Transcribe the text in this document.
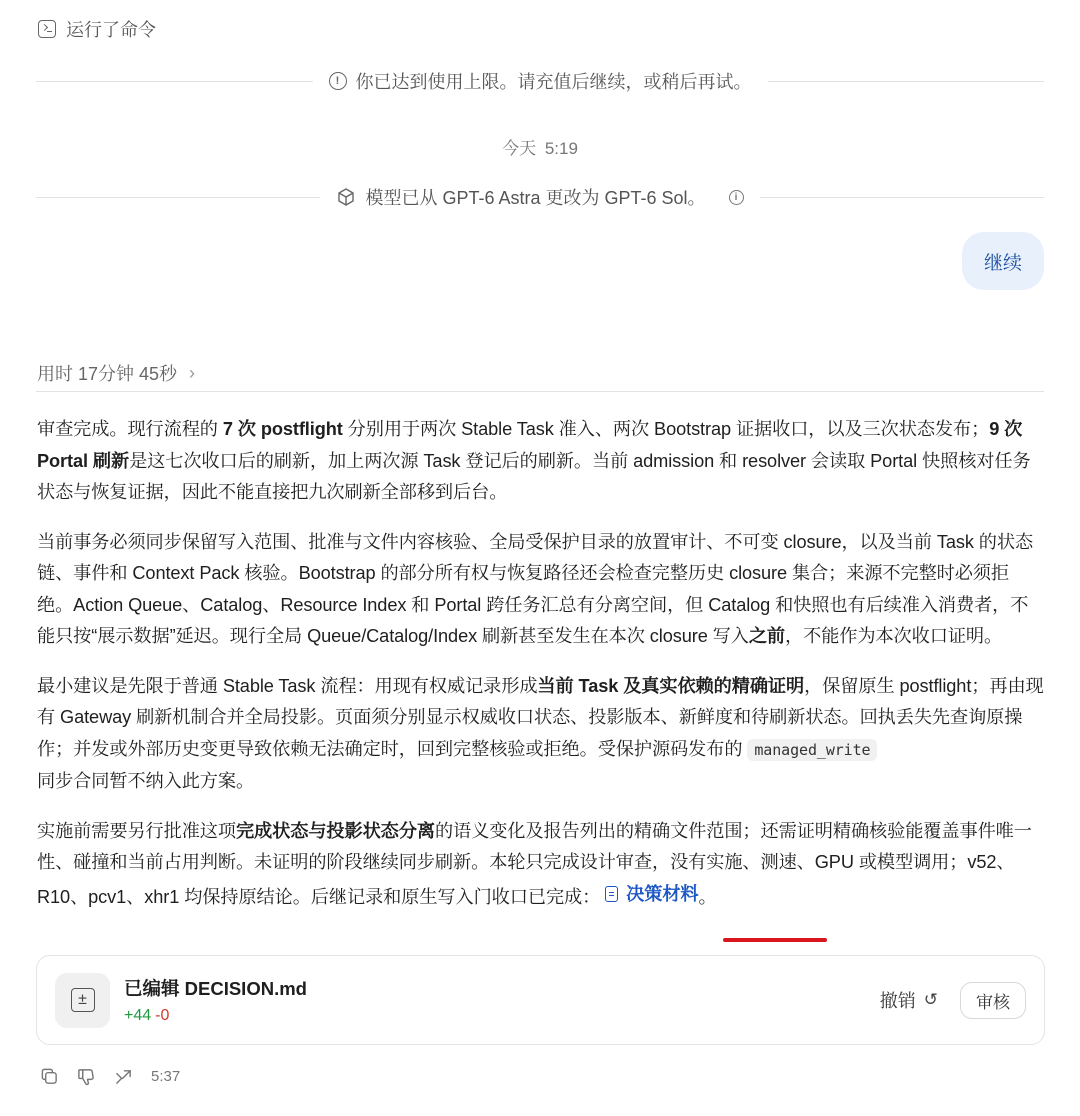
运行了命令
! 你已达到使用上限。请充值后继续，或稍后再试。
今天 5:19
模型已从 GPT-6 Astra 更改为 GPT-6 Sol。	i
继续
用时 17分钟 45秒 ›

审查完成。现行流程的 7 次 postflight 分别用于两次 Stable Task 准入、两次 Bootstrap 证据收口，以及三次状态发布；9 次 Portal 刷新是这七次收口后的刷新，加上两次源 Task 登记后的刷新。当前 admission 和 resolver 会读取 Portal 快照核对任务状态与恢复证据，因此不能直接把九次刷新全部移到后台。

当前事务必须同步保留写入范围、批准与文件内容核验、全局受保护目录的放置审计、不可变 closure，以及当前 Task 的状态链、事件和 Context Pack 核验。Bootstrap 的部分所有权与恢复路径还会检查完整历史 closure 集合；来源不完整时必须拒绝。Action Queue、Catalog、Resource Index 和 Portal 跨任务汇总有分离空间，但 Catalog 和快照也有后续准入消费者，不能只按“展示数据”延迟。现行全局 Queue/Catalog/Index 刷新甚至发生在本次 closure 写入之前，不能作为本次收口证明。

最小建议是先限于普通 Stable Task 流程：用现有权威记录形成当前 Task 及真实依赖的精确证明，保留原生 postflight；再由现有 Gateway 刷新机制合并全局投影。页面须分别显示权威收口状态、投影版本、新鲜度和待刷新状态。回执丢失先查询原操作；并发或外部历史变更导致依赖无法确定时，回到完整核验或拒绝。受保护源码发布的 managed_write
同步合同暂不纳入此方案。

实施前需要另行批准这项完成状态与投影状态分离的语义变化及报告列出的精确文件范围；还需证明精确核验能覆盖事件唯一性、碰撞和当前占用判断。未证明的阶段继续同步刷新。本轮只完成设计审查，没有实施、测速、GPU 或模型调用；v52、R10、pcv1、xhr1 均保持原结论。后继记录和原生写入门收口已完成： 决策材料 。

±
已编辑 DECISION.md
+44 -0
撤销 ↺ 审核
5:37
